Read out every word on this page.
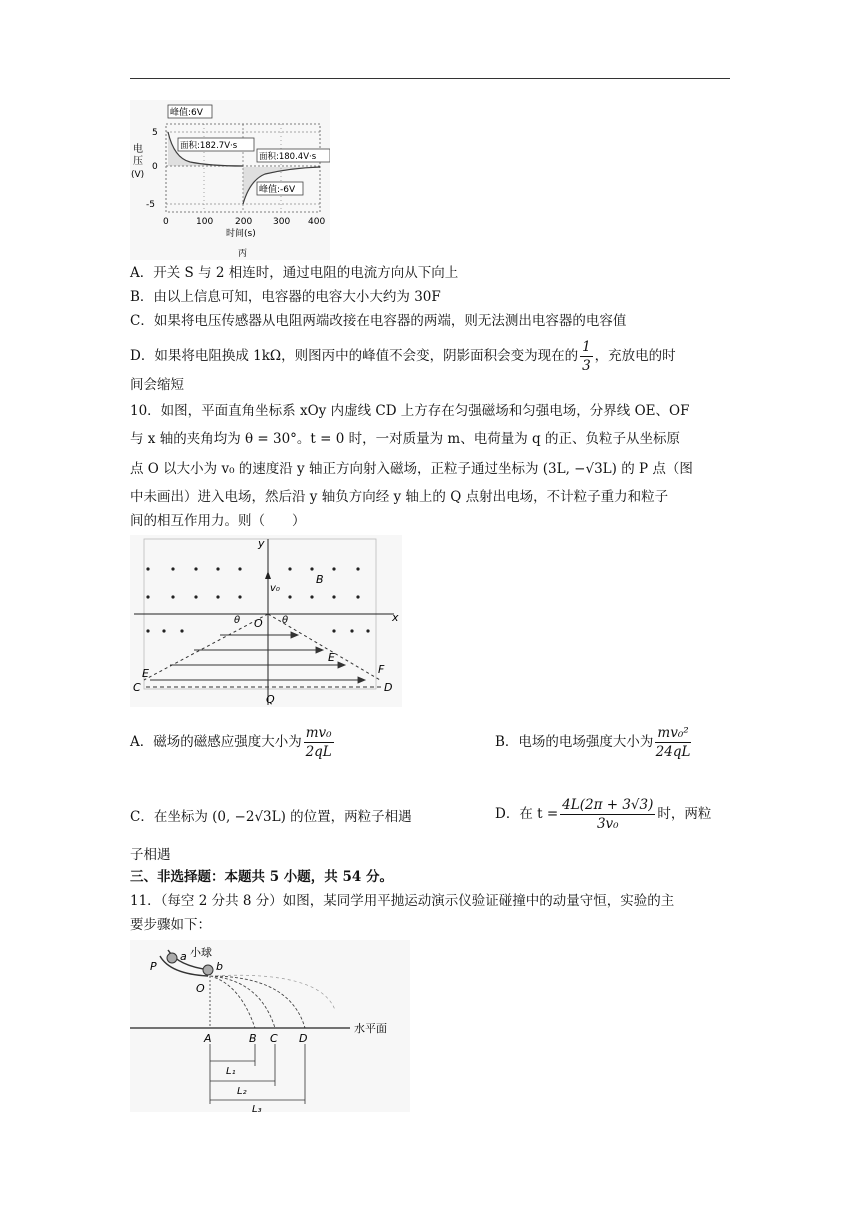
电
压
(V)
5
0
-5
峰值:6V
面积:182.7V·s
面积:180.4V·s
峰值:-6V
0	100 200 300 400
时间(s)
丙
A．开关 S 与 2 相连时，通过电阻的电流方向从下向上
B．由以上信息可知，电容器的电容大小大约为 30F
C．如果将电压传感器从电阻两端改接在电容器的两端，则无法测出电容器的电容值
D．如果将电阻换成 1kΩ，则图丙中的峰值不会变，阴影面积会变为现在的 $\frac{1}{3}$ ，充放电的时
间会缩短
10．如图，平面直角坐标系 xOy 内虚线 CD 上方存在匀强磁场和匀强电场，分界线 OE、OF
与 x 轴的夹角均为 θ = 30°。t = 0 时，一对质量为 m、电荷量为 q 的正、负粒子从坐标原
点 O 以大小为 v₀ 的速度沿 y 轴正方向射入磁场，正粒子通过坐标为 (3L, −√3L) 的 P 点（图
中未画出）进入电场，然后沿 y 轴负方向经 y 轴上的 Q 点射出电场，不计粒子重力和粒子
间的相互作用力。则（　　）
y
x
v₀
B
O
θ	θ
E
E
F
C	D
Q
A．磁场的磁感应强度大小为 $\frac{\text{mv₀}}{2qL}$	B．电场的电场强度大小为 $\frac{\text{mv₀²}}{24qL}$
C．在坐标为 (0, −2√3L) 的位置，两粒子相遇	D．在 $t = \frac{4L(2\pi + 3√3)}{\text{3v₀}}$ 时，两粒
子相遇
三、非选择题：本题共 5 小题，共 54 分。
11．（每空 2 分共 8 分）如图，某同学用平抛运动演示仪验证碰撞中的动量守恒，实验的主
要步骤如下：
P
a 小球
b
O
水平面
A	B C D
L₁
L₂
L₃
